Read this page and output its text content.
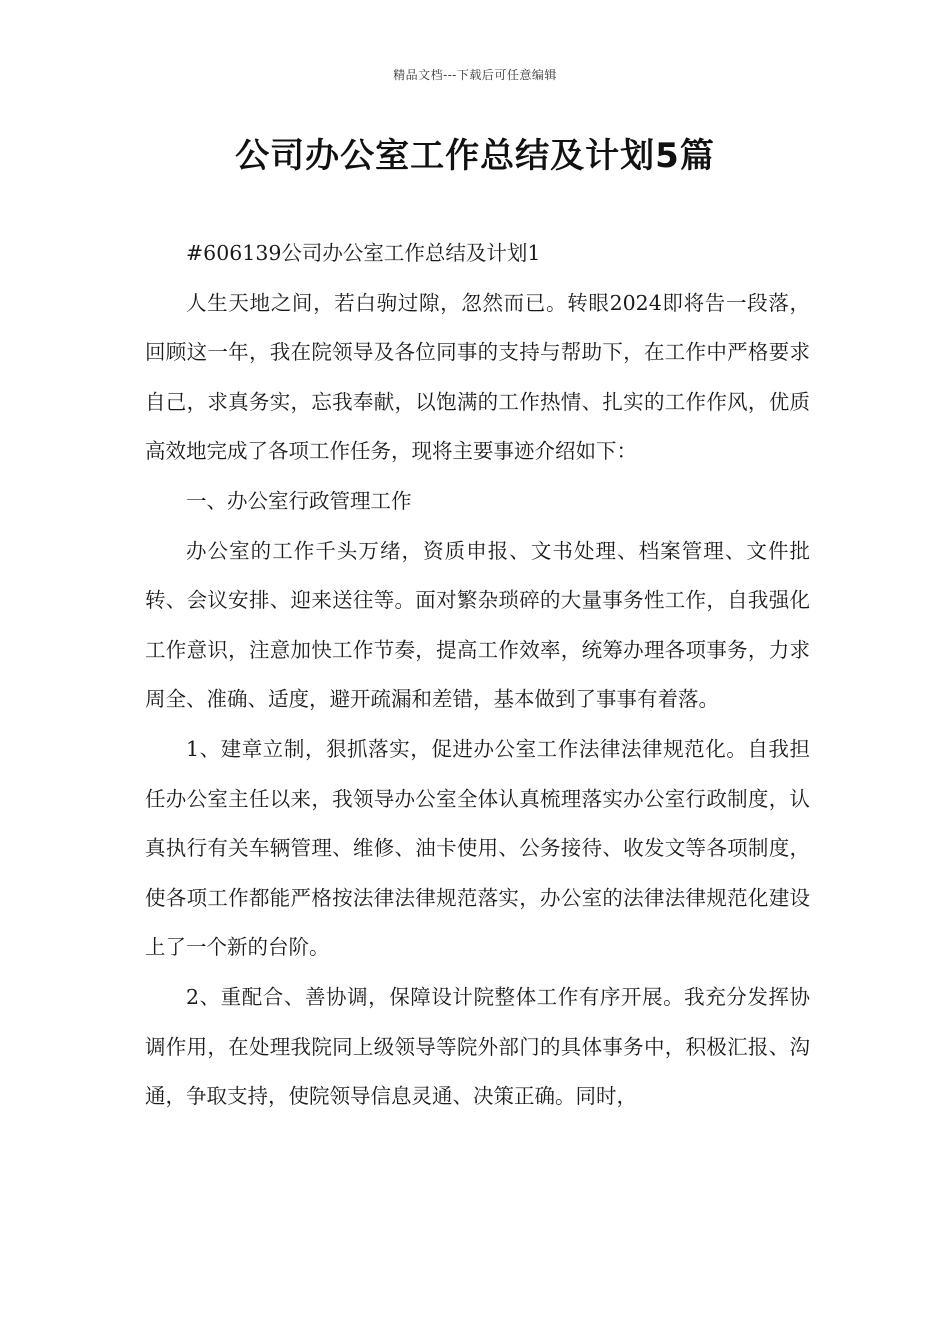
精品文档---下载后可任意编辑
公司办公室工作总结及计划5篇

#606139公司办公室工作总结及计划1

人生天地之间，若白驹过隙，忽然而已。转眼2024即将告一段落，回顾这一年，我在院领导及各位同事的支持与帮助下，在工作中严格要求自己，求真务实，忘我奉献，以饱满的工作热情、扎实的工作作风，优质高效地完成了各项工作任务，现将主要事迹介绍如下：

一、办公室行政管理工作

办公室的工作千头万绪，资质申报、文书处理、档案管理、文件批转、会议安排、迎来送往等。面对繁杂琐碎的大量事务性工作，自我强化工作意识，注意加快工作节奏，提高工作效率，统筹办理各项事务，力求周全、准确、适度，避开疏漏和差错，基本做到了事事有着落。

1、建章立制，狠抓落实，促进办公室工作法律法律规范化。自我担任办公室主任以来，我领导办公室全体认真梳理落实办公室行政制度，认真执行有关车辆管理、维修、油卡使用、公务接待、收发文等各项制度，使各项工作都能严格按法律法律规范落实，办公室的法律法律规范化建设上了一个新的台阶。

2、重配合、善协调，保障设计院整体工作有序开展。我充分发挥协调作用，在处理我院同上级领导等院外部门的具体事务中，积极汇报、沟通，争取支持，使院领导信息灵通、决策正确。同时，
